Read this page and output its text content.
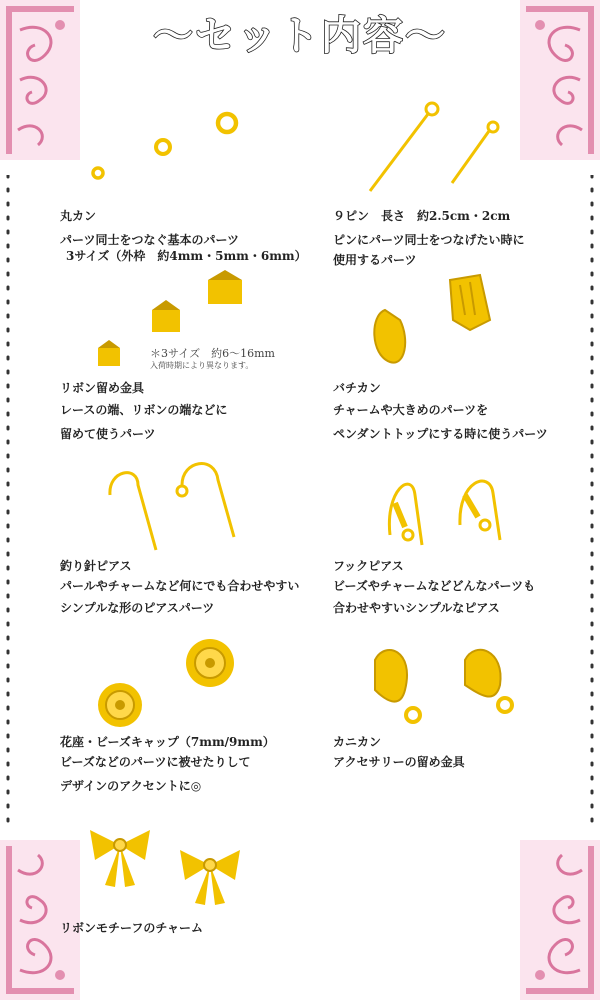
～セット内容～
丸カン
パーツ同士をつなぐ基本のパーツ
3サイズ（外枠　約4mm・5mm・6mm）
９ピン　長さ　約2.5cm・2cm
ピンにパーツ同士をつなげたい時に
使用するパーツ
＊3サイズ　約6～16mm
入荷時期により異なります。
リボン留め金具
レースの端、リボンの端などに
留めて使うパーツ
バチカン
チャームや大きめのパーツを
ペンダントトップにする時に使うパーツ
釣り針ピアス
パールやチャームなど何にでも合わせやすい
シンプルな形のピアスパーツ
フックピアス
ビーズやチャームなどどんなパーツも
合わせやすいシンプルなピアス
花座・ビーズキャップ（7mm/9mm）
ビーズなどのパーツに被せたりして
デザインのアクセントに◎
カニカン
アクセサリーの留め金具
リボンモチーフのチャーム
